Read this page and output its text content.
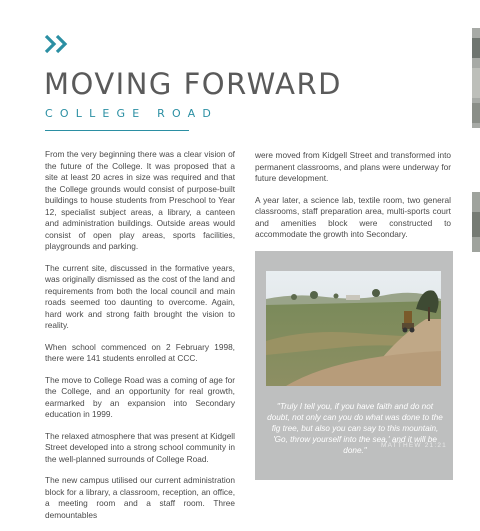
MOVING FORWARD
COLLEGE ROAD

From the very beginning there was a clear vision of the future of the College. It was proposed that a site at least 20 acres in size was required and that the College grounds would consist of purpose-built buildings to house students from Preschool to Year 12, specialist subject areas, a library, a canteen and administration buildings. Outside areas would consist of open play areas, sports facilities, playgrounds and parking.

The current site, discussed in the formative years, was originally dismissed as the cost of the land and requirements from both the local council and main roads seemed too daunting to overcome. Again, hard work and strong faith brought the vision to reality.

When school commenced on 2 February 1998, there were 141 students enrolled at CCC.

The move to College Road was a coming of age for the College, and an opportunity for real growth, earmarked by an expansion into Secondary education in 1999.

The relaxed atmosphere that was present at Kidgell Street developed into a strong school community in the well-planned surrounds of College Road.

The new campus utilised our current administration block for a library, a classroom, reception, an office, a meeting room and a staff room. Three demountables

were moved from Kidgell Street and transformed into permanent classrooms, and plans were underway for future development.

A year later, a science lab, textile room, two general classrooms, staff preparation area, multi-sports court and amenities block were constructed to accommodate the growth into Secondary.

"Truly I tell you, if you have faith and do not doubt, not only can you do what was done to the fig tree, but also you can say to this mountain, 'Go, throw yourself into the sea,' and it will be done."
MATTHEW 21:21
